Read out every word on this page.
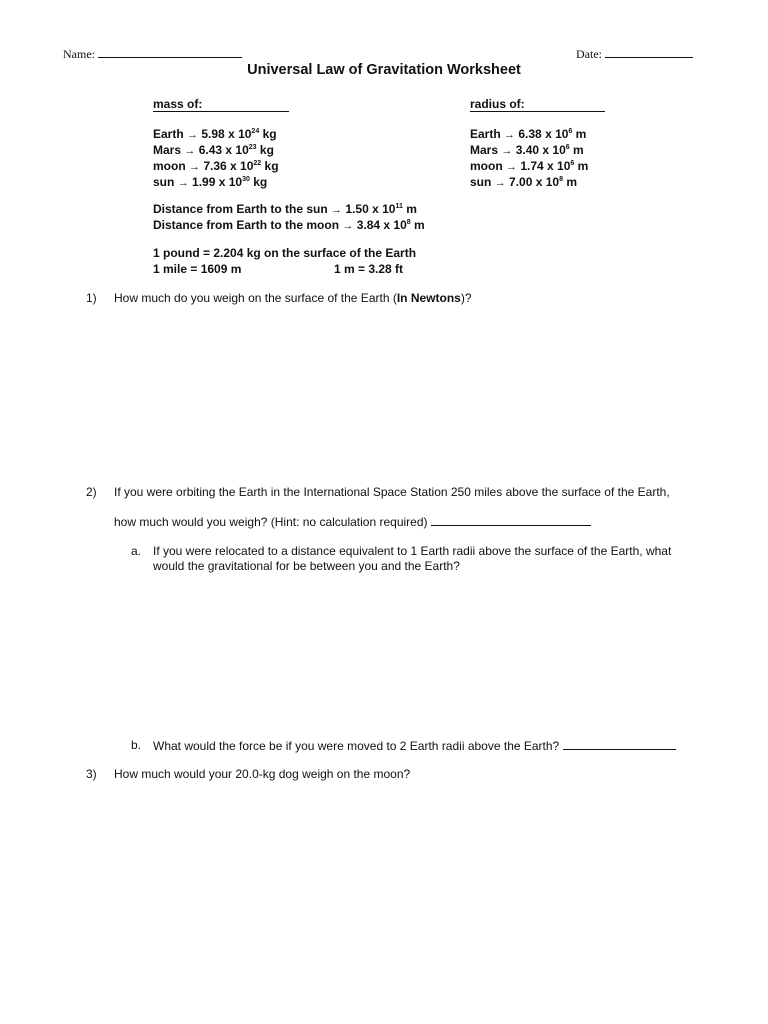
Name:	Date:
Universal Law of Gravitation Worksheet
mass of:
Earth → 5.98 x $10^{24}$ kg
Mars → 6.43 x $10^{23}$ kg
moon → 7.36 x $10^{22}$ kg
sun → 1.99 x $10^{30}$ kg
radius of:
Earth → 6.38 x $10^6$ m
Mars → 3.40 x $10^6$ m
moon → 1.74 x $10^6$ m
sun → 7.00 x $10^8$ m
Distance from Earth to the sun → 1.50 x $10^{11}$ m
Distance from Earth to the moon → 3.84 x $10^8$ m
1 pound = 2.204 kg on the surface of the Earth
1 mile = 1609 m	1 m = 3.28 ft
1) How much do you weigh on the surface of the Earth (In Newtons)?
2) If you were orbiting the Earth in the International Space Station 250 miles above the surface of the Earth,
how much would you weigh? (Hint: no calculation required)
a. If you were relocated to a distance equivalent to 1 Earth radii above the surface of the Earth, what would the gravitational for be between you and the Earth?
b. What would the force be if you were moved to 2 Earth radii above the Earth?
3) How much would your 20.0-kg dog weigh on the moon?
